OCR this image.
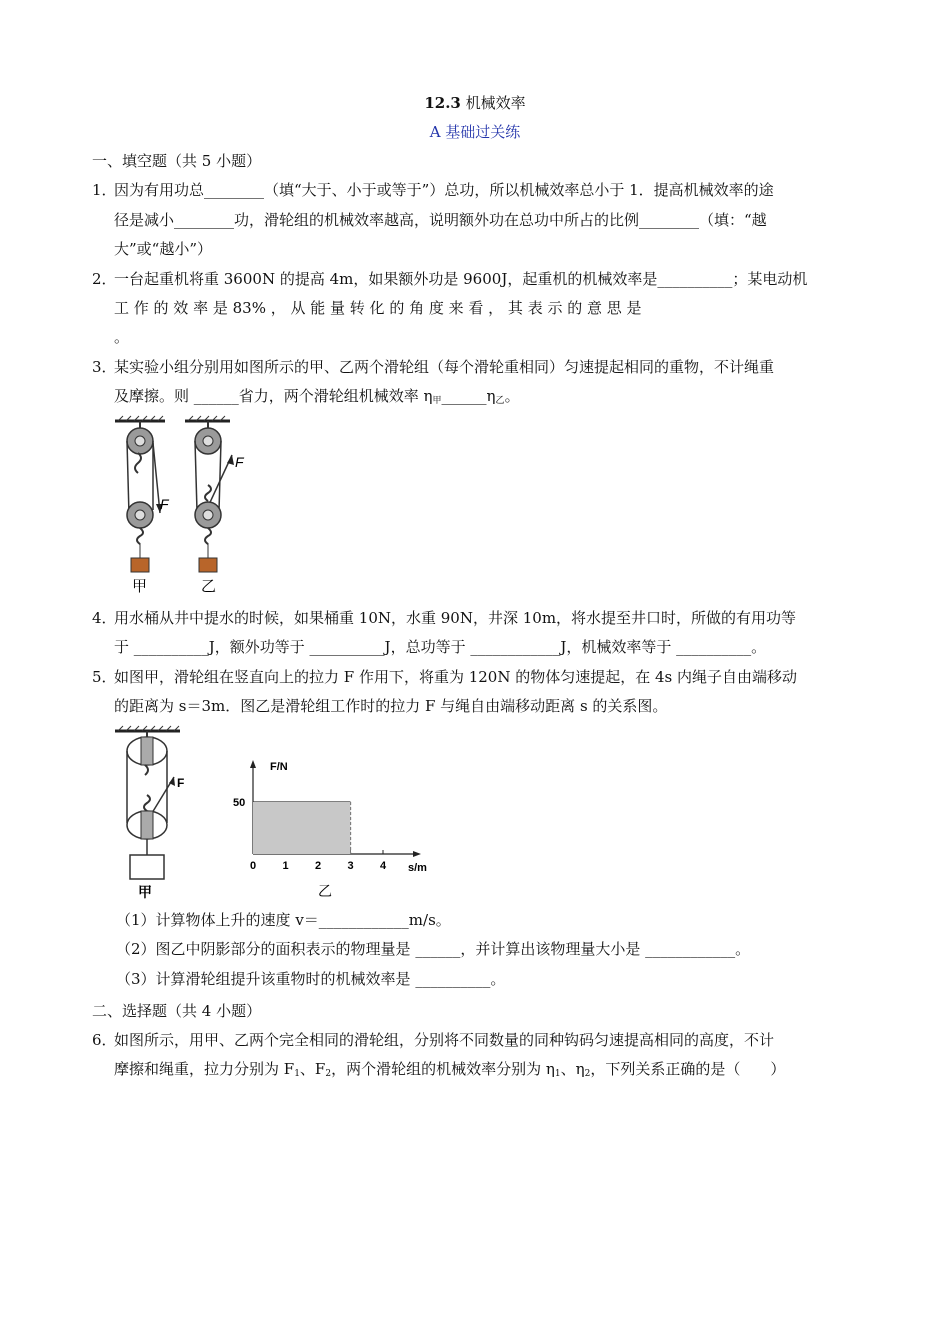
12.3 机械效率
A 基础过关练
一、填空题（共 5 小题）
1．
因为有用功总________（填“大于、小于或等于”）总功，所以机械效率总小于 1．提高机械效率的途
径是减小________功，滑轮组的机械效率越高，说明额外功在总功中所占的比例________（填：“越
大”或“越小”）
2．
一台起重机将重 3600N 的提高 4m，如果额外功是 9600J，起重机的机械效率是__________；某电动机
工 作 的 效 率 是 83% ， 从 能 量 转 化 的 角 度 来 看 ， 其 表 示 的 意 思 是
。
3．
某实验小组分别用如图所示的甲、乙两个滑轮组（每个滑轮重相同）匀速提起相同的重物，不计绳重
及摩擦。则 ______省力，两个滑轮组机械效率 $\eta_甲\_\_\_\_\_\_\eta_乙$。
F
甲
F
乙
4．
用水桶从井中提水的时候，如果桶重 10N，水重 90N，井深 10m，将水提至井口时，所做的有用功等
于 __________J，额外功等于 __________J，总功等于 ____________J，机械效率等于 __________。
5．
如图甲，滑轮组在竖直向上的拉力 F 作用下，将重为 120N 的物体匀速提起，在 4s 内绳子自由端移动
的距离为 s＝3m．图乙是滑轮组工作时的拉力 F 与绳自由端移动距离 s 的关系图。
F
甲
50
4
3
2
1
0
F/N
s/m
乙
（1）计算物体上升的速度 v＝____________m/s。
（2）图乙中阴影部分的面积表示的物理量是 ______，并计算出该物理量大小是 ____________。
（3）计算滑轮组提升该重物时的机械效率是 __________。
二、选择题（共 4 小题）
6．
如图所示，用甲、乙两个完全相同的滑轮组，分别将不同数量的同种钩码匀速提高相同的高度，不计
摩擦和绳重，拉力分别为 $F_1$、$F_2$，两个滑轮组的机械效率分别为 $\eta_1$、$\eta_2$，下列关系正确的是（　　）
